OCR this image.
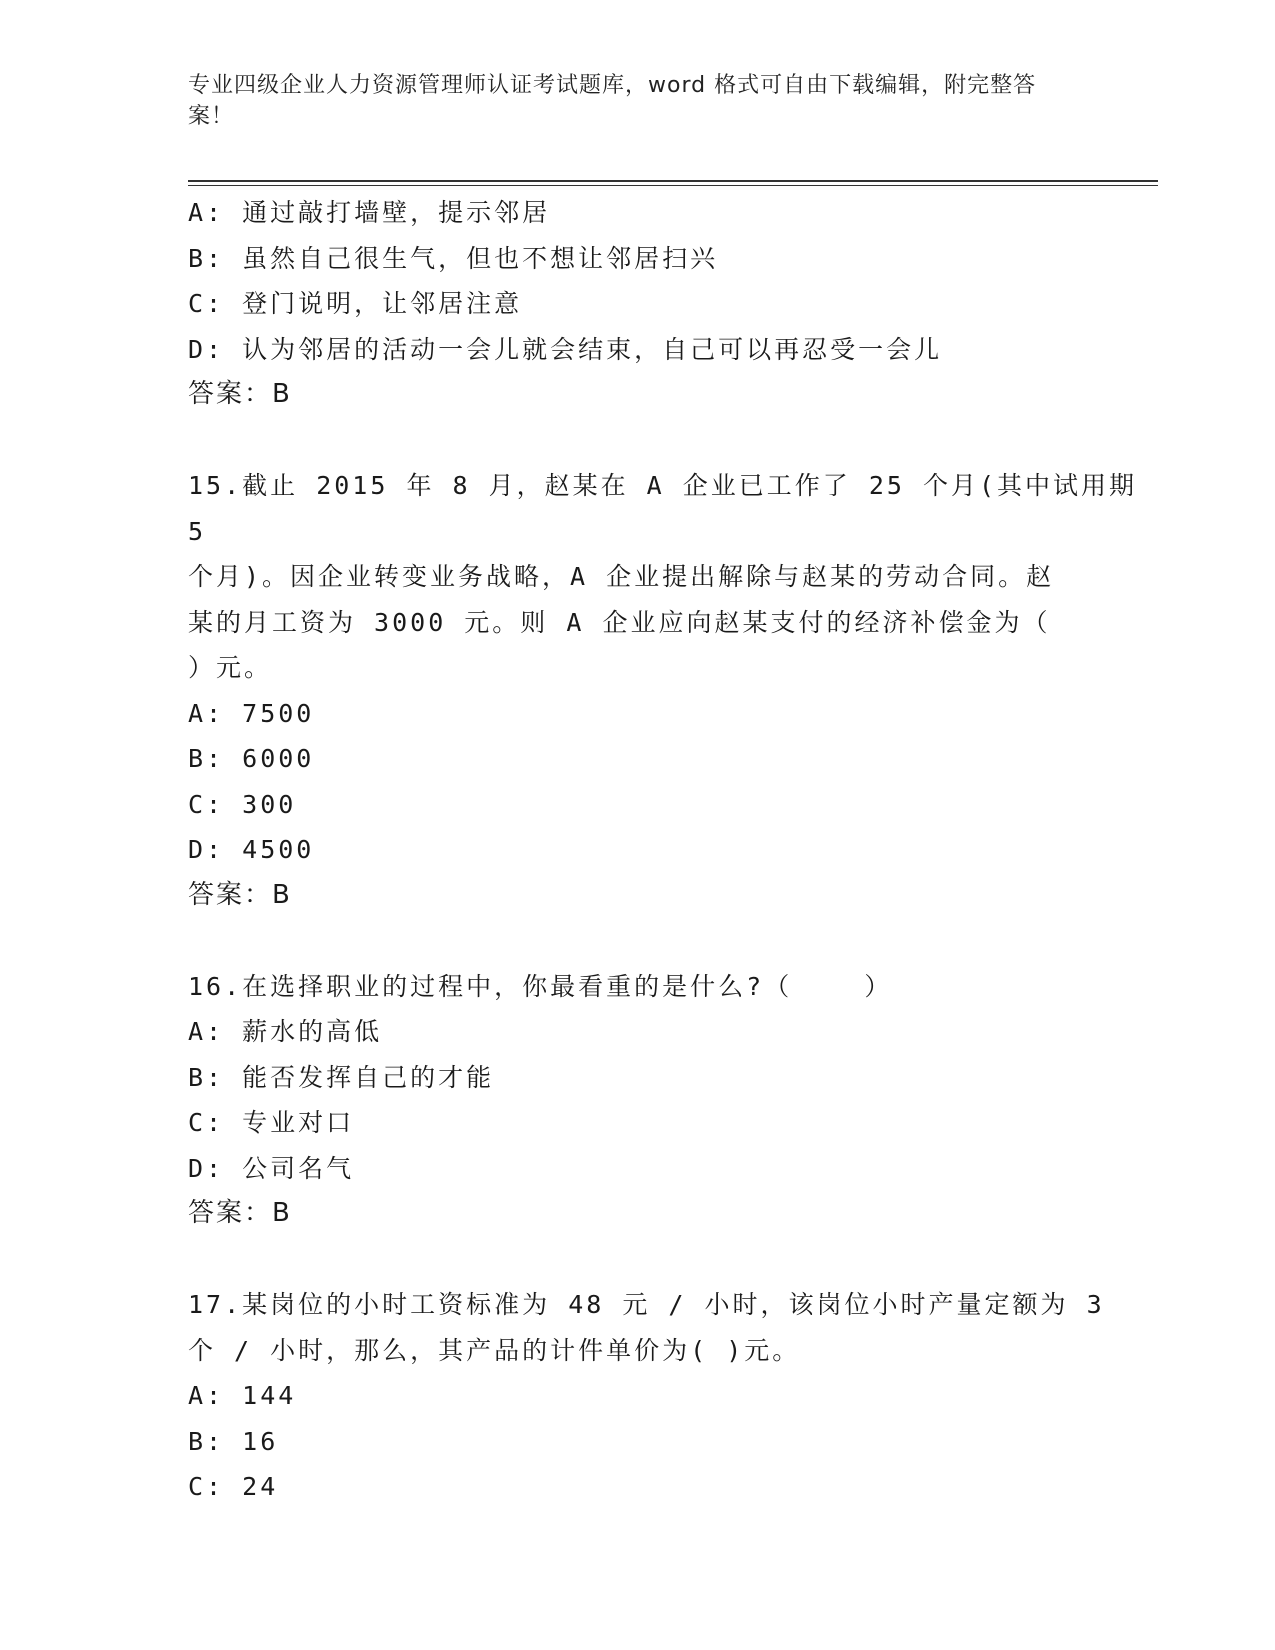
专业四级企业人力资源管理师认证考试题库，word 格式可自由下载编辑，附完整答案！
A: 通过敲打墙壁，提示邻居
B: 虽然自己很生气，但也不想让邻居扫兴
C: 登门说明，让邻居注意
D: 认为邻居的活动一会儿就会结束，自己可以再忍受一会儿
答案：B
15.截止 2015 年 8 月，赵某在 A 企业已工作了 25 个月(其中试用期 5
个月)。因企业转变业务战略，A 企业提出解除与赵某的劳动合同。赵
某的月工资为 3000 元。则 A 企业应向赵某支付的经济补偿金为（
）元。
A: 7500
B: 6000
C: 300
D: 4500
答案：B
16.在选择职业的过程中，你最看重的是什么?（    ）
A: 薪水的高低
B: 能否发挥自己的才能
C: 专业对口
D: 公司名气
答案：B
17.某岗位的小时工资标准为 48 元 / 小时，该岗位小时产量定额为 3
个 / 小时，那么，其产品的计件单价为( )元。
A: 144
B: 16
C: 24
